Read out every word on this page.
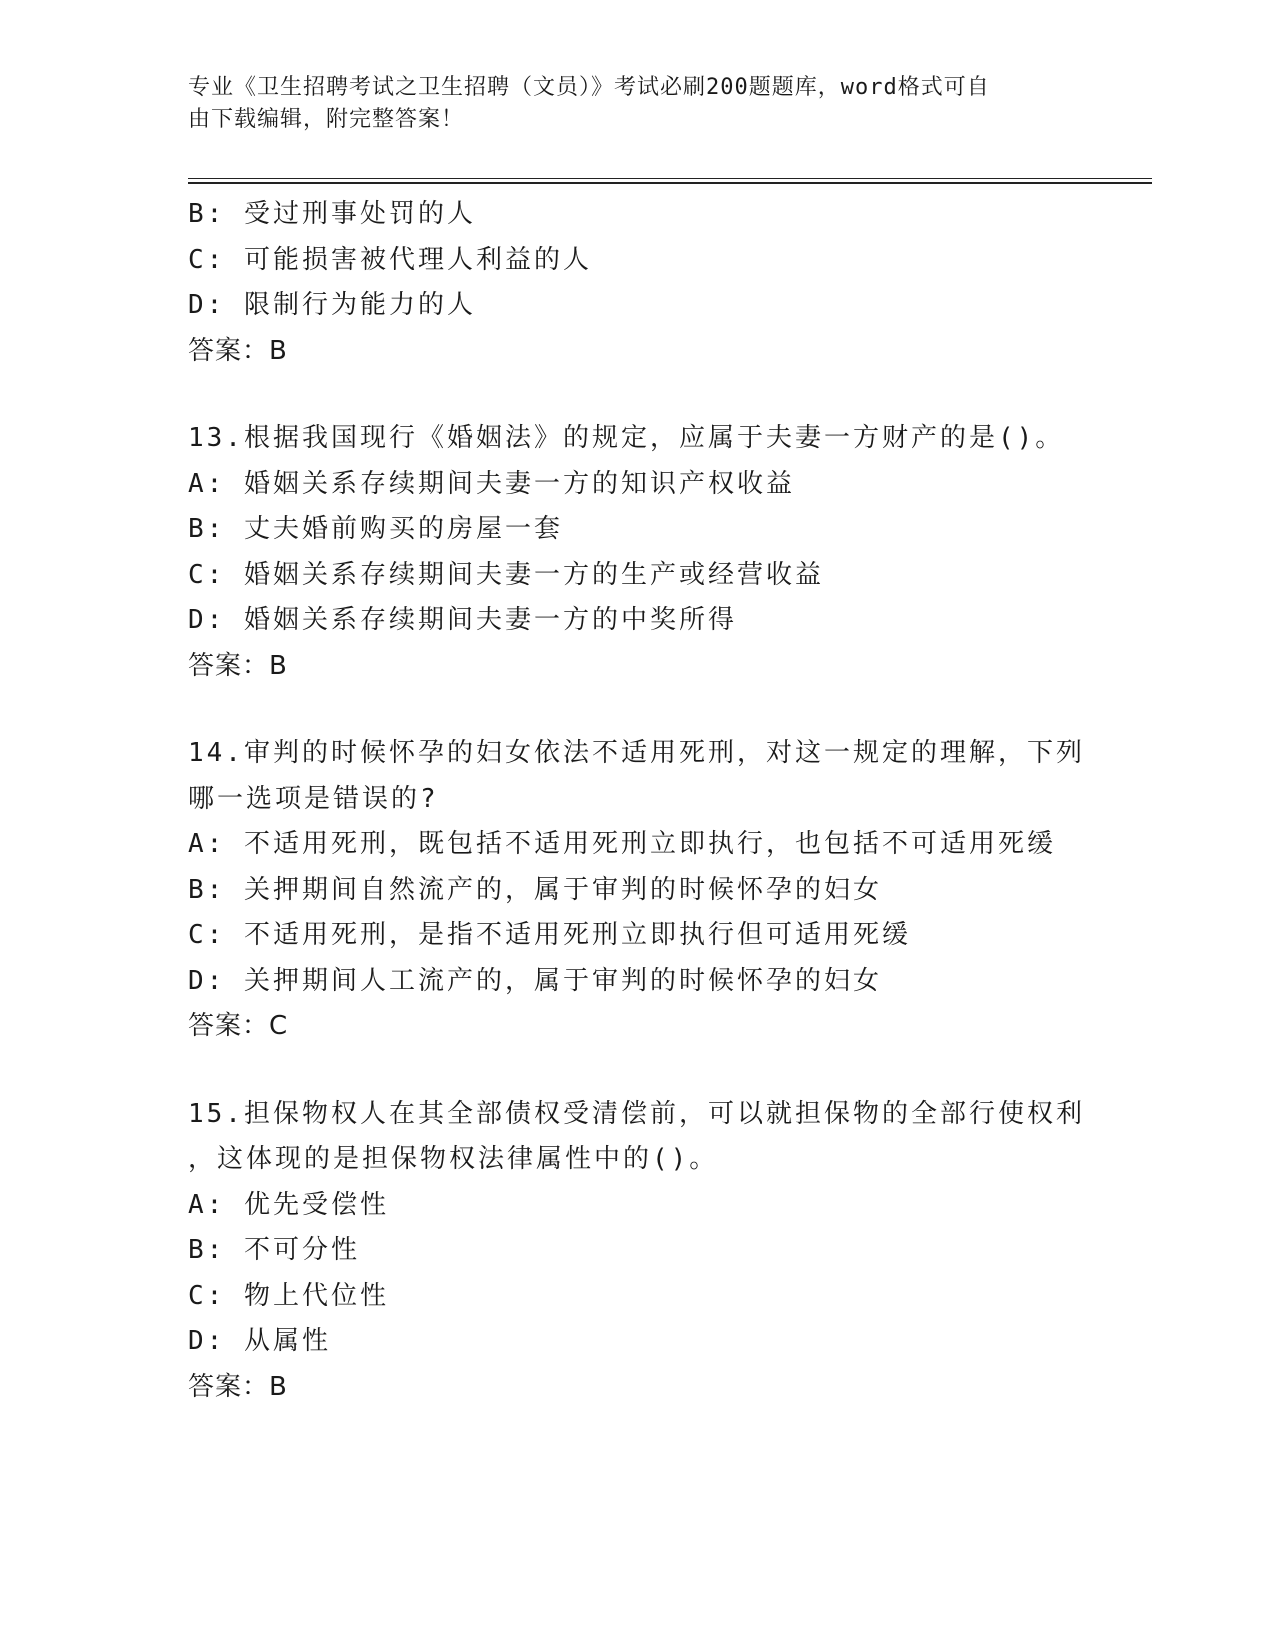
专业《卫生招聘考试之卫生招聘（文员）》考试必刷200题题库，word格式可自
由下载编辑，附完整答案！
B: 受过刑事处罚的人
C: 可能损害被代理人利益的人
D: 限制行为能力的人
答案：B
13.根据我国现行《婚姻法》的规定，应属于夫妻一方财产的是()。
A: 婚姻关系存续期间夫妻一方的知识产权收益
B: 丈夫婚前购买的房屋一套
C: 婚姻关系存续期间夫妻一方的生产或经营收益
D: 婚姻关系存续期间夫妻一方的中奖所得
答案：B
14.审判的时候怀孕的妇女依法不适用死刑，对这一规定的理解，下列
哪一选项是错误的?
A: 不适用死刑，既包括不适用死刑立即执行，也包括不可适用死缓
B: 关押期间自然流产的，属于审判的时候怀孕的妇女
C: 不适用死刑，是指不适用死刑立即执行但可适用死缓
D: 关押期间人工流产的，属于审判的时候怀孕的妇女
答案：C
15.担保物权人在其全部债权受清偿前，可以就担保物的全部行使权利
，这体现的是担保物权法律属性中的()。
A: 优先受偿性
B: 不可分性
C: 物上代位性
D: 从属性
答案：B
